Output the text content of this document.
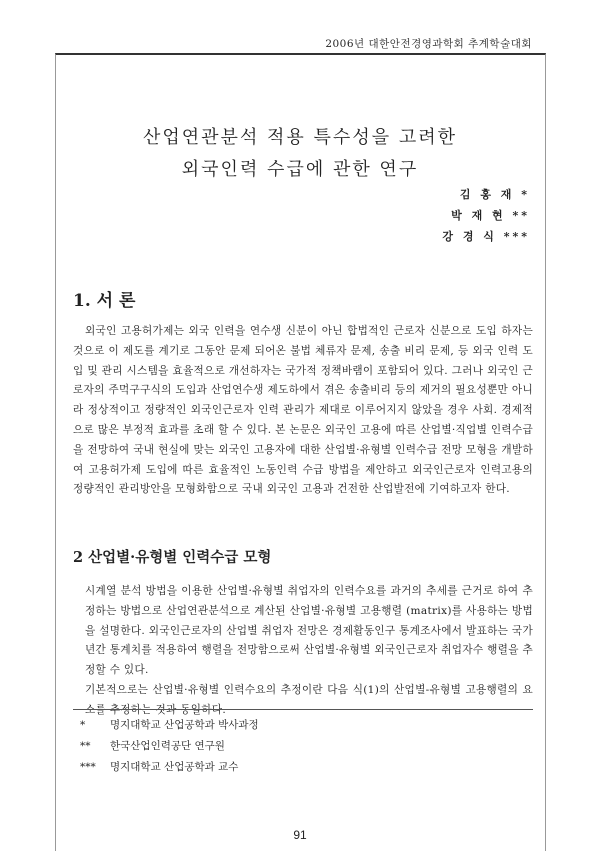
2006년 대한안전경영과학회 추계학술대회
산업연관분석 적용 특수성을 고려한
외국인력 수급에 관한 연구
김 홍 재 *
박 재 현 **
강 경 식 ***
1. 서 론
외국인 고용허가제는 외국 인력을 연수생 신분이 아닌 합법적인 근로자 신분으로 도입 하자는 것으로 이 제도를 계기로 그동안 문제 되어온 불법 체류자 문제, 송출 비리 문제, 등 외국 인력 도입 및 관리 시스템을 효율적으로 개선하자는 국가적 정책바램이 포함되어 있다. 그러나 외국인 근로자의 주먹구구식의 도입과 산업연수생 제도하에서 겪은 송출비리 등의 제거의 필요성뿐만 아니라 정상적이고 정량적인 외국인근로자 인력 관리가 제대로 이루어지지 않았을 경우 사회. 경제적으로 많은 부정적 효과를 초래 할 수 있다. 본 논문은 외국인 고용에 따른 산업별·직업별 인력수급을 전망하여 국내 현실에 맞는 외국인 고용자에 대한 산업별·유형별 인력수급 전망 모형을 개발하여 고용허가제 도입에 따른 효율적인 노동인력 수급 방법을 제안하고 외국인근로자 인력고용의 정량적인 관리방안을 모형화함으로 국내 외국인 고용과 건전한 산업발전에 기여하고자 한다.
2 산업별·유형별 인력수급 모형
시계열 분석 방법을 이용한 산업별·유형별 취업자의 인력수요를 과거의 추세를 근거로 하여 추정하는 방법으로 산업연관분석으로 계산된 산업별·유형별 고용행렬 (matrix)를 사용하는 방법을 설명한다. 외국인근로자의 산업별 취업자 전망은 경제활동인구 통계조사에서 발표하는 국가년간 통계치를 적용하여 행렬을 전망함으로써 산업별·유형별 외국인근로자 취업자수 행렬을 추정할 수 있다.
기본적으로는 산업별·유형별 인력수요의 추정이란 다음 식(1)의 산업별-유형별 고용행렬의 요소를 추정하는 것과 동일하다.
* 명지대학교 산업공학과 박사과정
** 한국산업인력공단 연구원
*** 명지대학교 산업공학과 교수
91
